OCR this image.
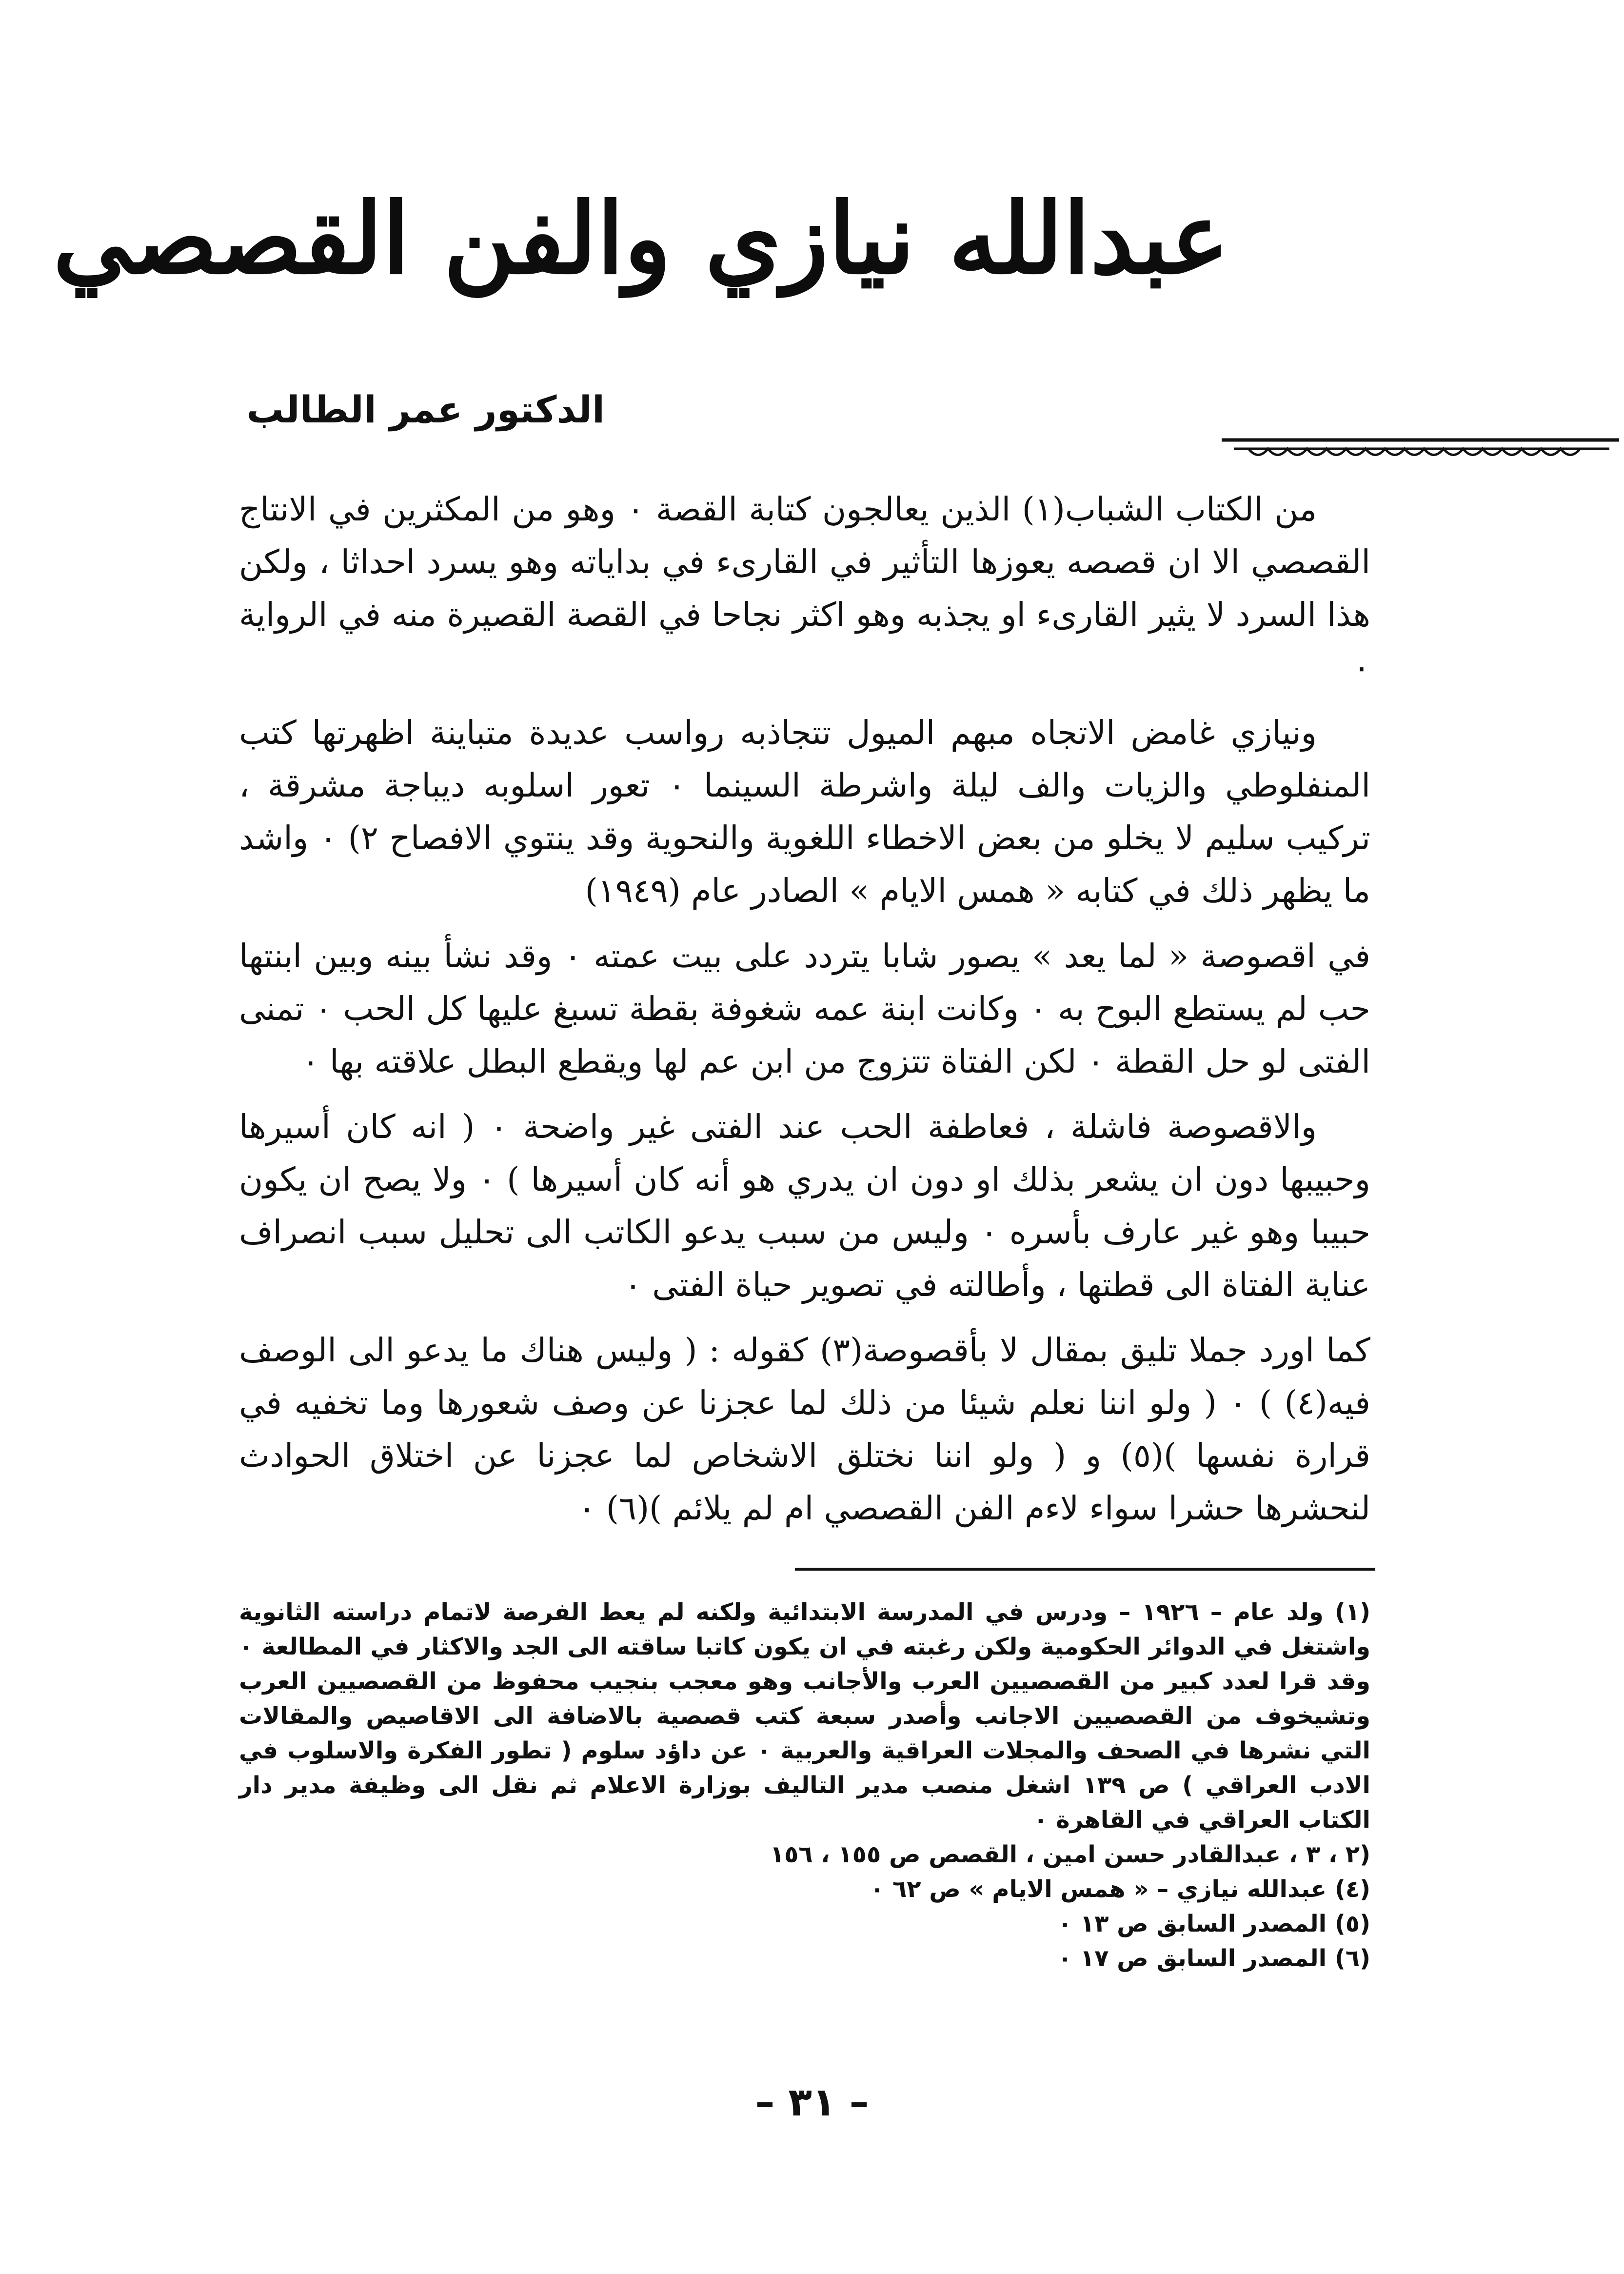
عبدالله نيازي والفن القصصي
الدكتور عمر الطالب

من الكتاب الشباب(١) الذين يعالجون كتابة القصة ٠ وهو من المكثرين في الانتاج القصصي الا ان قصصه يعوزها التأثير في القارىء في بداياته وهو يسرد احداثا ، ولكن هذا السرد لا يثير القارىء او يجذبه وهو اكثر نجاحا في القصة القصيرة منه في الرواية ٠

ونيازي غامض الاتجاه مبهم الميول تتجاذبه رواسب عديدة متباينة اظهرتها كتب المنفلوطي والزيات والف ليلة واشرطة السينما ٠ تعور اسلوبه ديباجة مشرقة ، تركيب سليم لا يخلو من بعض الاخطاء اللغوية والنحوية وقد ينتوي الافصاح ٢) ٠ واشد ما يظهر ذلك في كتابه « همس الايام » الصادر عام (١٩٤٩)

في اقصوصة « لما يعد » يصور شابا يتردد على بيت عمته ٠ وقد نشأ بينه وبين ابنتها حب لم يستطع البوح به ٠ وكانت ابنة عمه شغوفة بقطة تسبغ عليها كل الحب ٠ تمنى الفتى لو حل القطة ٠ لكن الفتاة تتزوج من ابن عم لها ويقطع البطل علاقته بها ٠

والاقصوصة فاشلة ، فعاطفة الحب عند الفتى غير واضحة ٠ ( انه كان أسيرها وحبيبها دون ان يشعر بذلك او دون ان يدري هو أنه كان أسيرها ) ٠ ولا يصح ان يكون حبيبا وهو غير عارف بأسره ٠ وليس من سبب يدعو الكاتب الى تحليل سبب انصراف عناية الفتاة الى قطتها ، وأطالته في تصوير حياة الفتى ٠

كما اورد جملا تليق بمقال لا بأقصوصة(٣) كقوله : ( وليس هناك ما يدعو الى الوصف فيه(٤) ) ٠ ( ولو اننا نعلم شيئا من ذلك لما عجزنا عن وصف شعورها وما تخفيه في قرارة نفسها )(٥) و ( ولو اننا نختلق الاشخاص لما عجزنا عن اختلاق الحوادث لنحشرها حشرا سواء لاءم الفن القصصي ام لم يلائم )(٦) ٠

(١) ولد عام – ١٩٢٦ – ودرس في المدرسة الابتدائية ولكنه لم يعط الفرصة لاتمام دراسته الثانوية واشتغل في الدوائر الحكومية ولكن رغبته في ان يكون كاتبا ساقته الى الجد والاكثار في المطالعة ٠ وقد قرا لعدد كبير من القصصيين العرب والأجانب وهو معجب بنجيب محفوظ من القصصيين العرب وتشيخوف من القصصيين الاجانب وأصدر سبعة كتب قصصية بالاضافة الى الاقاصيص والمقالات التي نشرها في الصحف والمجلات العراقية والعربية ٠ عن داؤد سلوم ( تطور الفكرة والاسلوب في الادب العراقي ) ص ١٣٩ اشغل منصب مدير التاليف بوزارة الاعلام ثم نقل الى وظيفة مدير دار الكتاب العراقي في القاهرة ٠

(٢ ، ٣ ، عبدالقادر حسن امين ، القصص ص ١٥٥ ، ١٥٦

(٤) عبدالله نيازي – « همس الايام » ص ٦٢ ٠

(٥) المصدر السابق ص ١٣ ٠

(٦) المصدر السابق ص ١٧ ٠

– ٣١ –
